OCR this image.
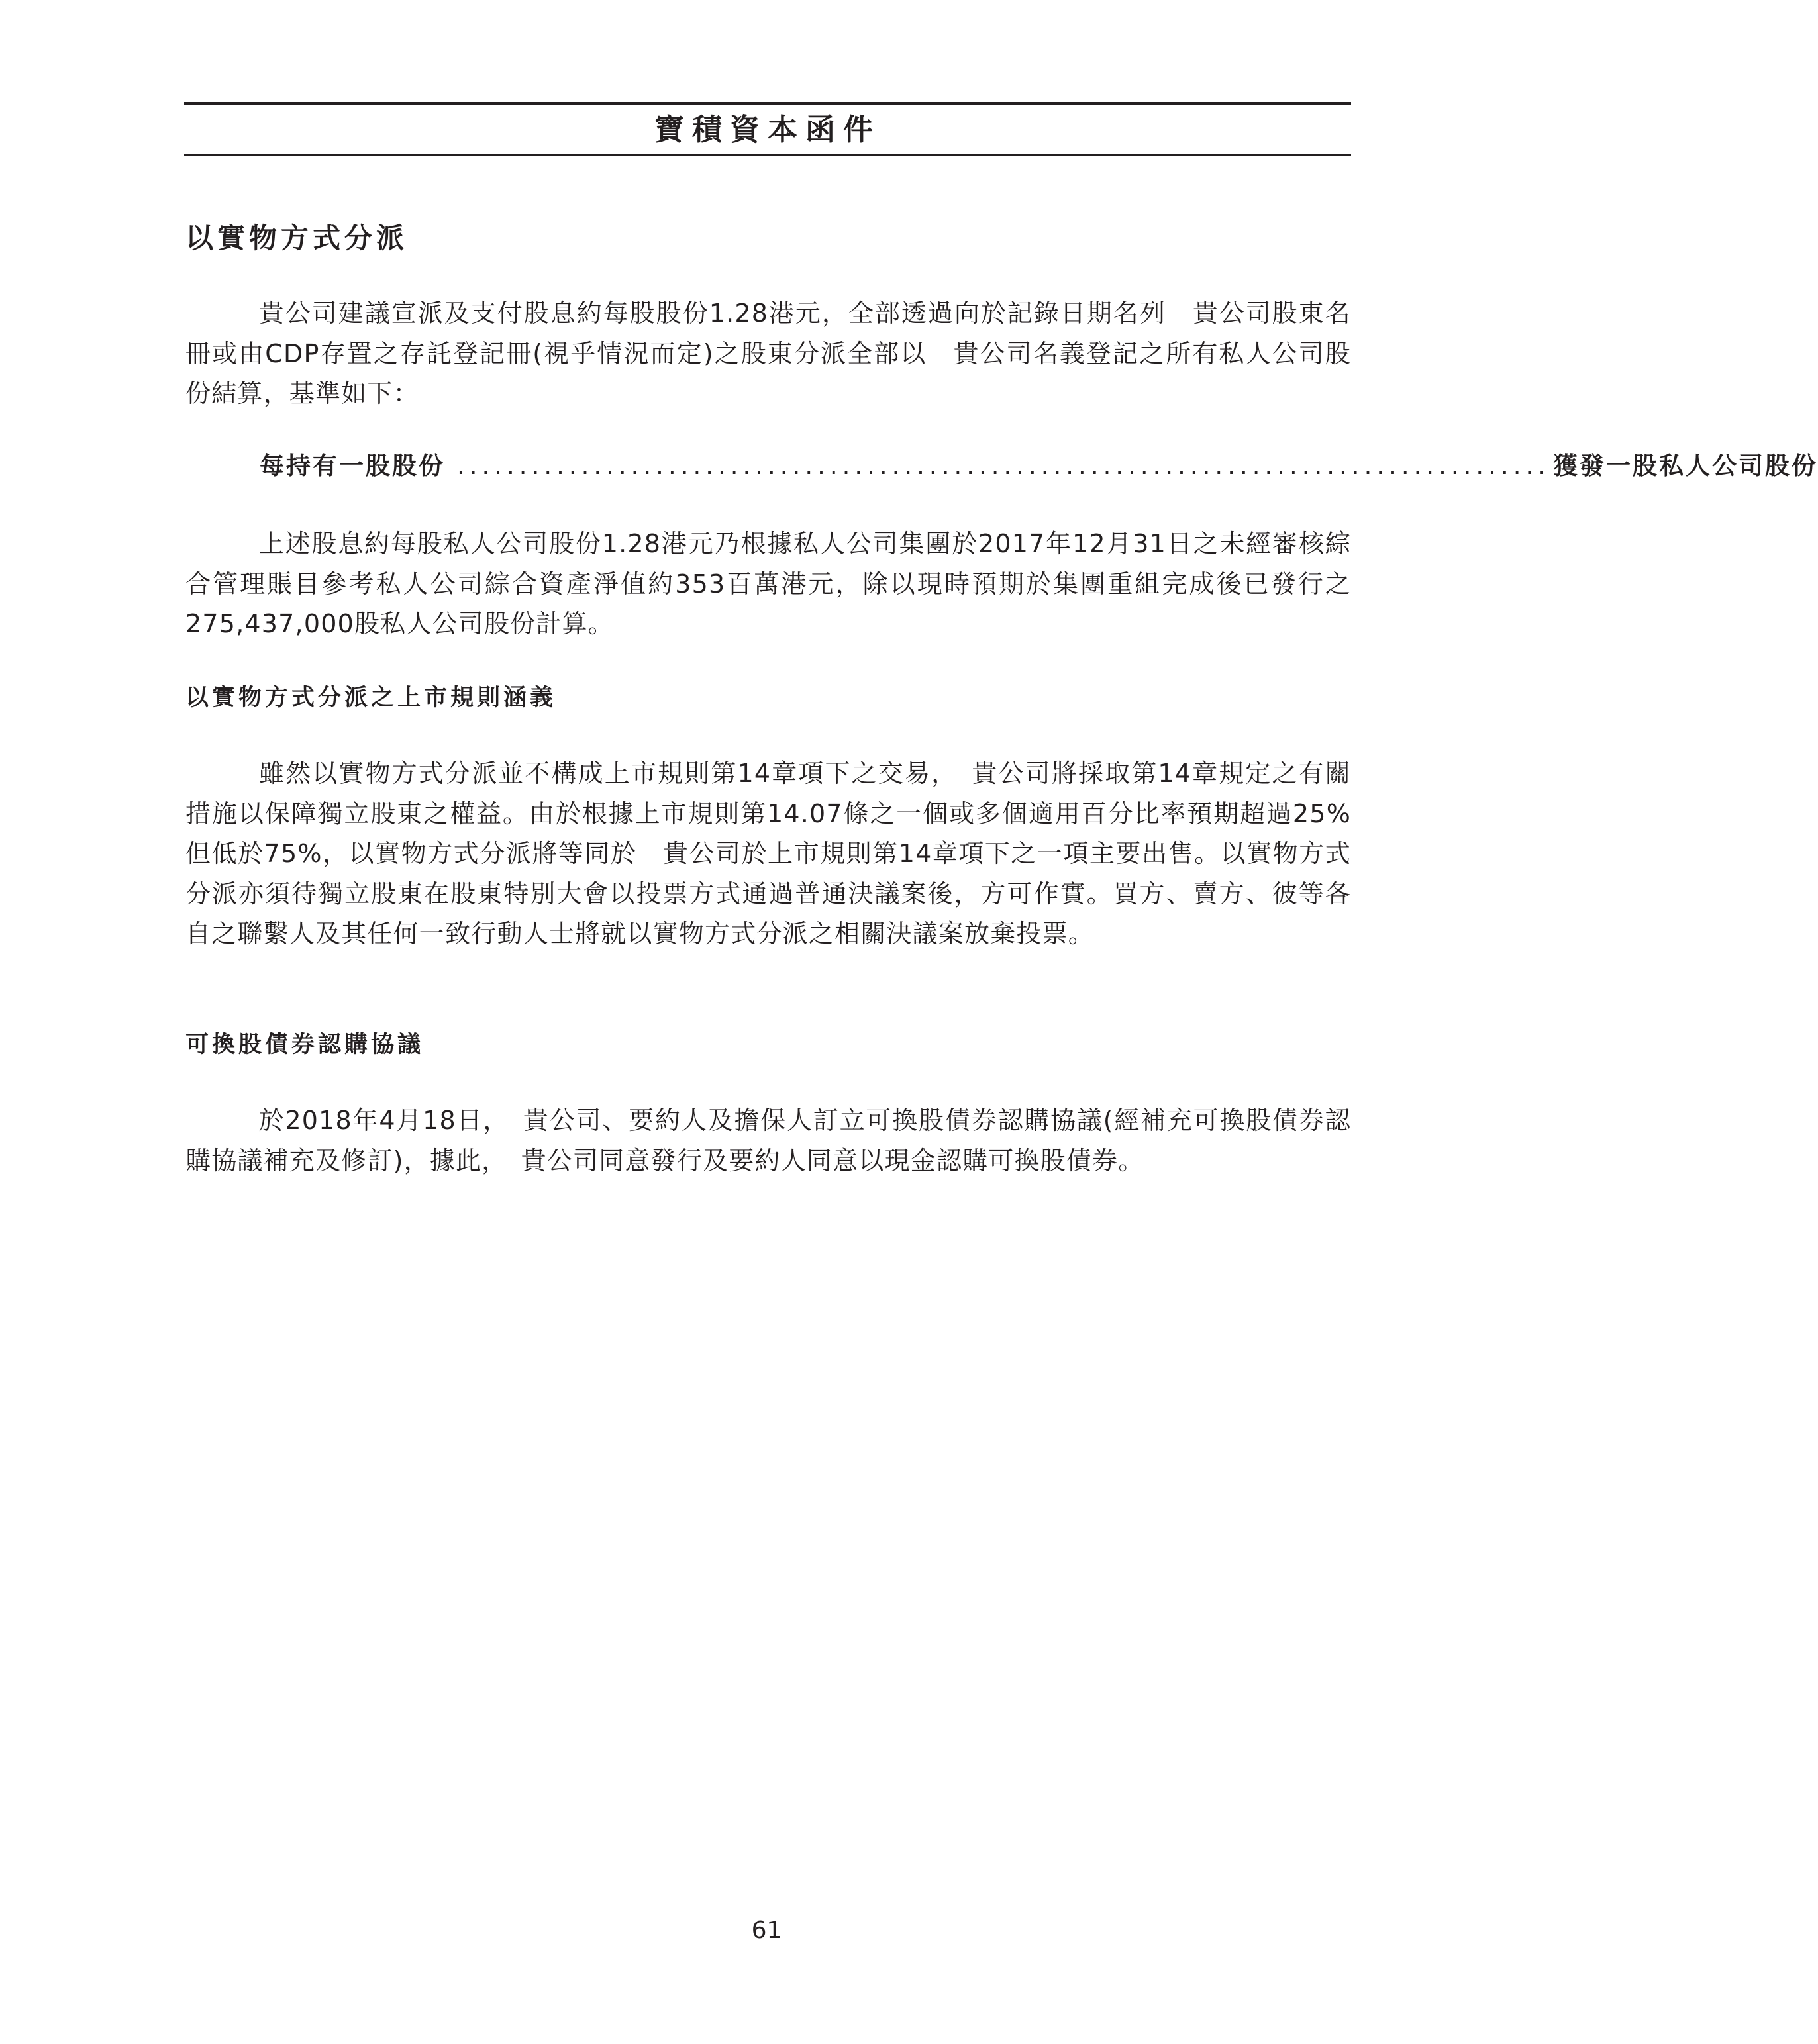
寶積資本函件
以實物方式分派

貴公司建議宣派及支付股息約每股股份1.28港元，全部透過向於記錄日期名列　貴公司股東名冊或由CDP存置之存託登記冊(視乎情況而定)之股東分派全部以　貴公司名義登記之所有私人公司股份結算，基準如下：

每持有一股股份 ........................................................................................ 獲發一股私人公司股份

上述股息約每股私人公司股份1.28港元乃根據私人公司集團於2017年12月31日之未經審核綜合管理賬目參考私人公司綜合資產淨值約353百萬港元，除以現時預期於集團重組完成後已發行之275,437,000股私人公司股份計算。

以實物方式分派之上市規則涵義

雖然以實物方式分派並不構成上市規則第14章項下之交易，　貴公司將採取第14章規定之有關措施以保障獨立股東之權益。由於根據上市規則第14.07條之一個或多個適用百分比率預期超過25%但低於75%，以實物方式分派將等同於　貴公司於上市規則第14章項下之一項主要出售。以實物方式分派亦須待獨立股東在股東特別大會以投票方式通過普通決議案後，方可作實。買方、賣方、彼等各自之聯繫人及其任何一致行動人士將就以實物方式分派之相關決議案放棄投票。

可換股債券認購協議

於2018年4月18日，　貴公司、要約人及擔保人訂立可換股債券認購協議(經補充可換股債券認購協議補充及修訂)，據此，　貴公司同意發行及要約人同意以現金認購可換股債券。

61
